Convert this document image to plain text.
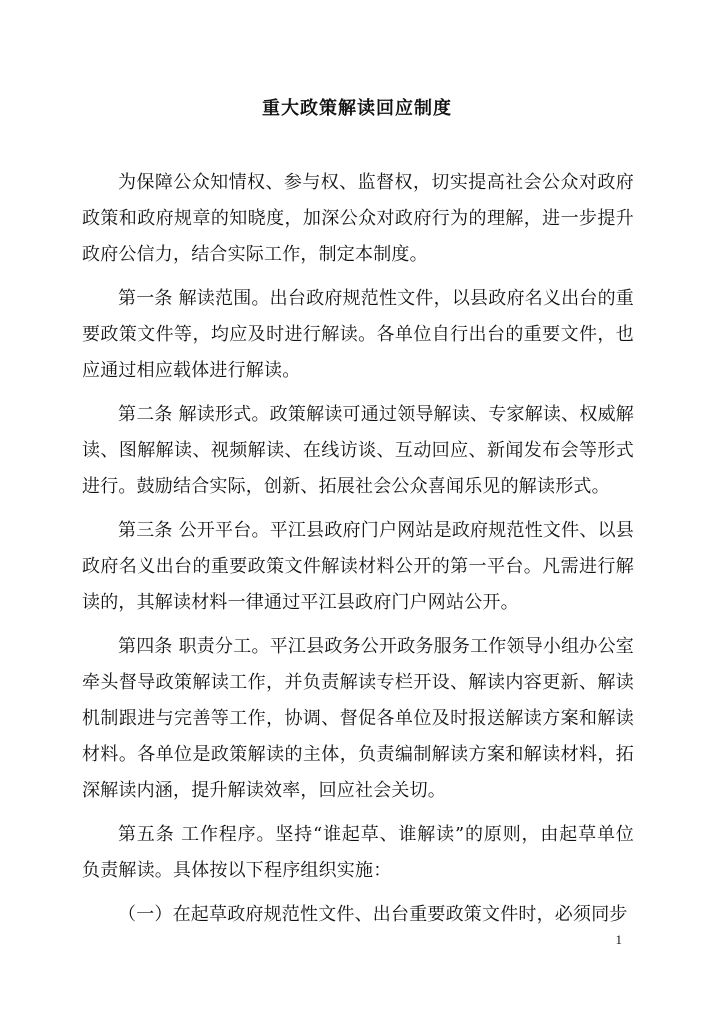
重大政策解读回应制度

为保障公众知情权、参与权、监督权，切实提高社会公众对政府政策和政府规章的知晓度，加深公众对政府行为的理解，进一步提升政府公信力，结合实际工作，制定本制度。

第一条 解读范围。出台政府规范性文件，以县政府名义出台的重要政策文件等，均应及时进行解读。各单位自行出台的重要文件，也应通过相应载体进行解读。

第二条 解读形式。政策解读可通过领导解读、专家解读、权威解读、图解解读、视频解读、在线访谈、互动回应、新闻发布会等形式进行。鼓励结合实际，创新、拓展社会公众喜闻乐见的解读形式。

第三条 公开平台。平江县政府门户网站是政府规范性文件、以县政府名义出台的重要政策文件解读材料公开的第一平台。凡需进行解读的，其解读材料一律通过平江县政府门户网站公开。

第四条 职责分工。平江县政务公开政务服务工作领导小组办公室牵头督导政策解读工作，并负责解读专栏开设、解读内容更新、解读机制跟进与完善等工作，协调、督促各单位及时报送解读方案和解读材料。各单位是政策解读的主体，负责编制解读方案和解读材料，拓深解读内涵，提升解读效率，回应社会关切。

第五条 工作程序。坚持“谁起草、谁解读”的原则，由起草单位负责解读。具体按以下程序组织实施：

（一）在起草政府规范性文件、出台重要政策文件时，必须同步

1
